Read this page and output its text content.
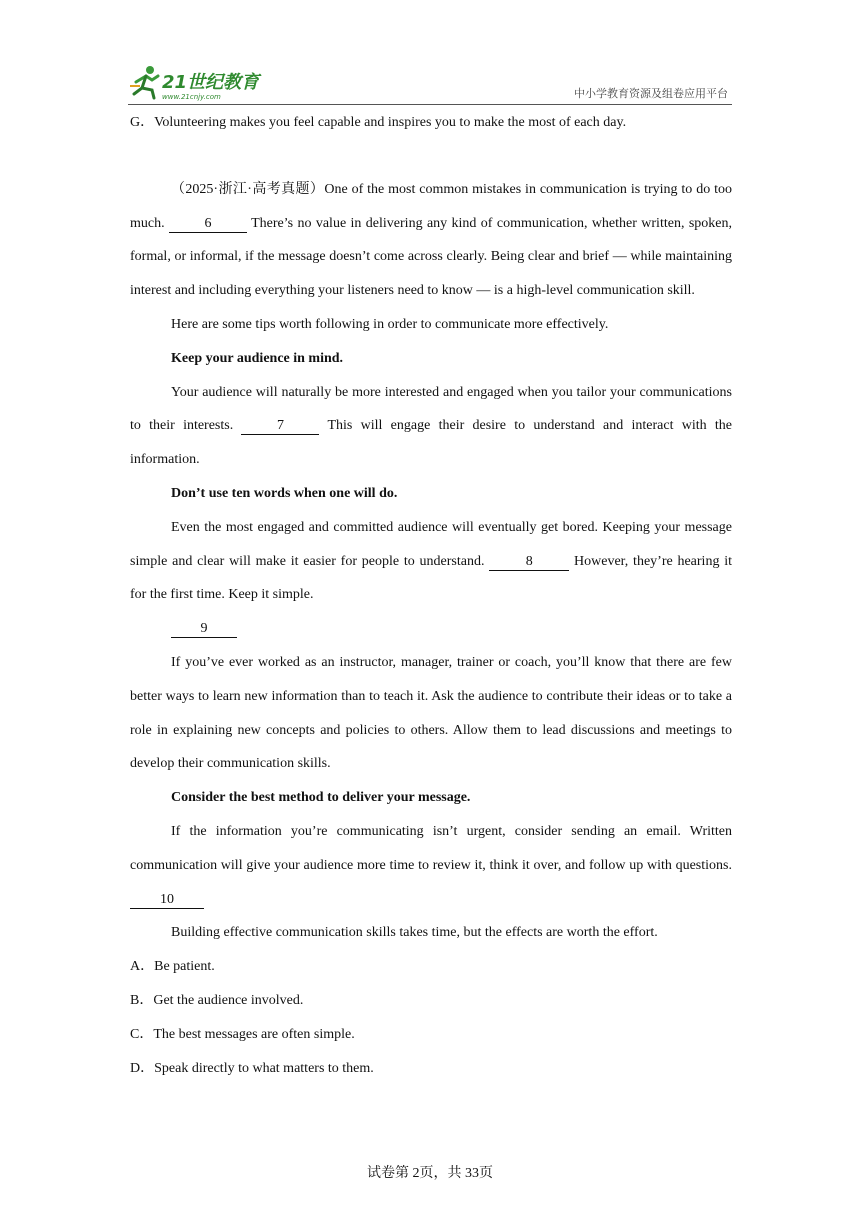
21世纪教育
www.21cnjy.com	中小学教育资源及组卷应用平台

G．Volunteering makes you feel capable and inspires you to make the most of each day.

（2025·浙江·高考真题）One of the most common mistakes in communication is trying to do too much.	6	There’s no value in delivering any kind of communication, whether written, spoken, formal, or informal, if the message doesn’t come across clearly. Being clear and brief — while maintaining interest and including everything your listeners need to know — is a high-level communication skill.

Here are some tips worth following in order to communicate more effectively.

Keep your audience in mind.

Your audience will naturally be more interested and engaged when you tailor your communications to their interests.	7	This will engage their desire to understand and interact with the information.

Don’t use ten words when one will do.

Even the most engaged and committed audience will eventually get bored. Keeping your message simple and clear will make it easier for people to understand.	8	However, they’re hearing it for the first time. Keep it simple.

9

If you’ve ever worked as an instructor, manager, trainer or coach, you’ll know that there are few better ways to learn new information than to teach it. Ask the audience to contribute their ideas or to take a role in explaining new concepts and policies to others. Allow them to lead discussions and meetings to develop their communication skills.

Consider the best method to deliver your message.

If the information you’re communicating isn’t urgent, consider sending an email. Written communication will give your audience more time to review it, think it over, and follow up with questions. 10

Building effective communication skills takes time, but the effects are worth the effort.

A．Be patient.

B．Get the audience involved.

C．The best messages are often simple.

D．Speak directly to what matters to them.

试卷第 2页，共 33页
